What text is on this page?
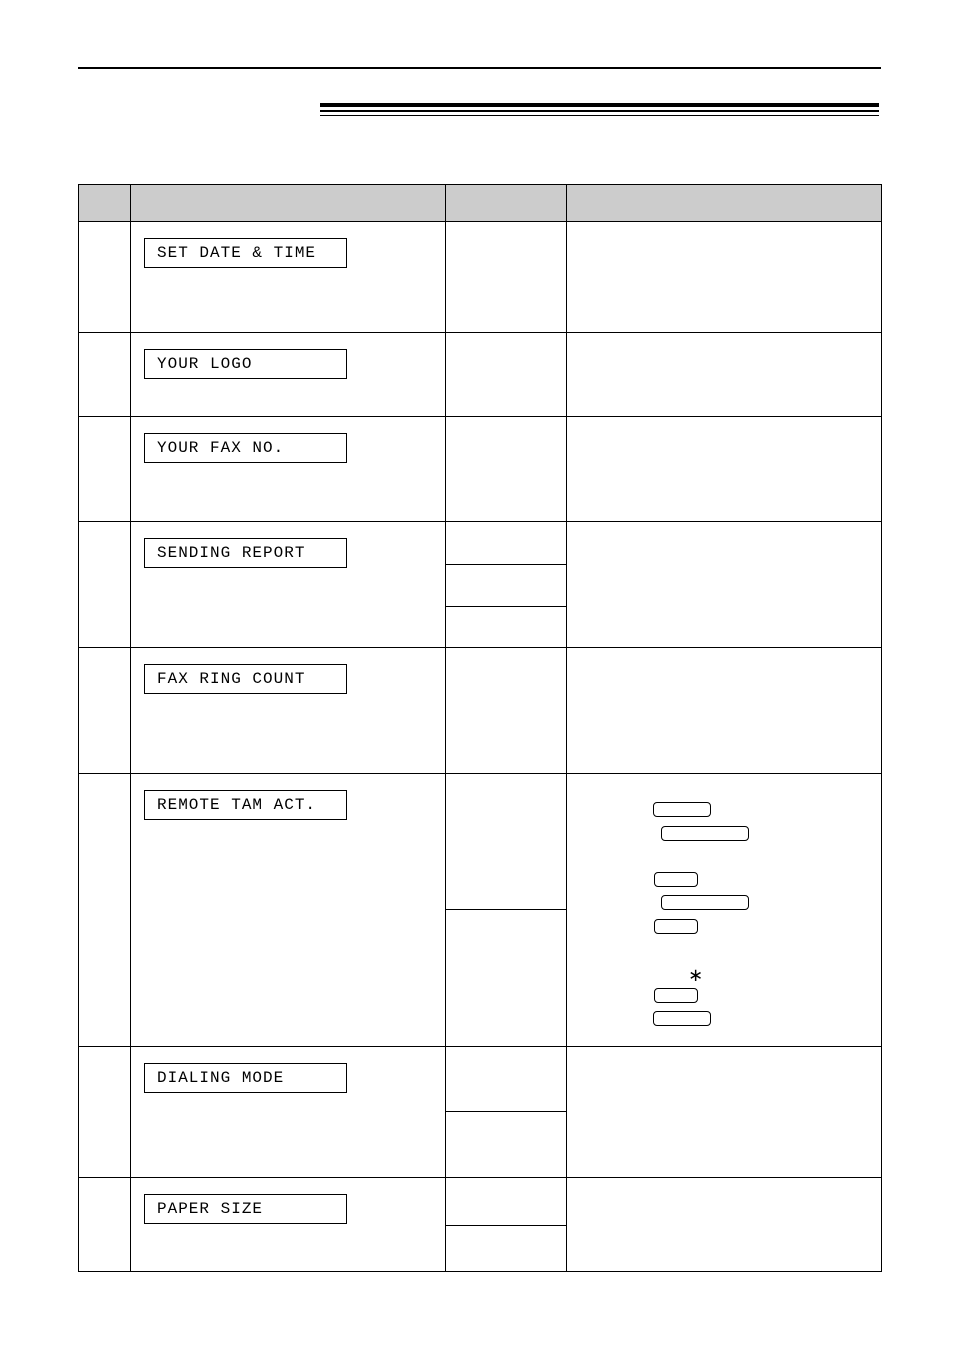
	SET DATE & TIME		

	YOUR LOGO		

	YOUR FAX NO.		

	SENDING REPORT		

	FAX RING COUNT		

	REMOTE TAM ACT.		∗

	DIALING MODE		

	PAPER SIZE		
